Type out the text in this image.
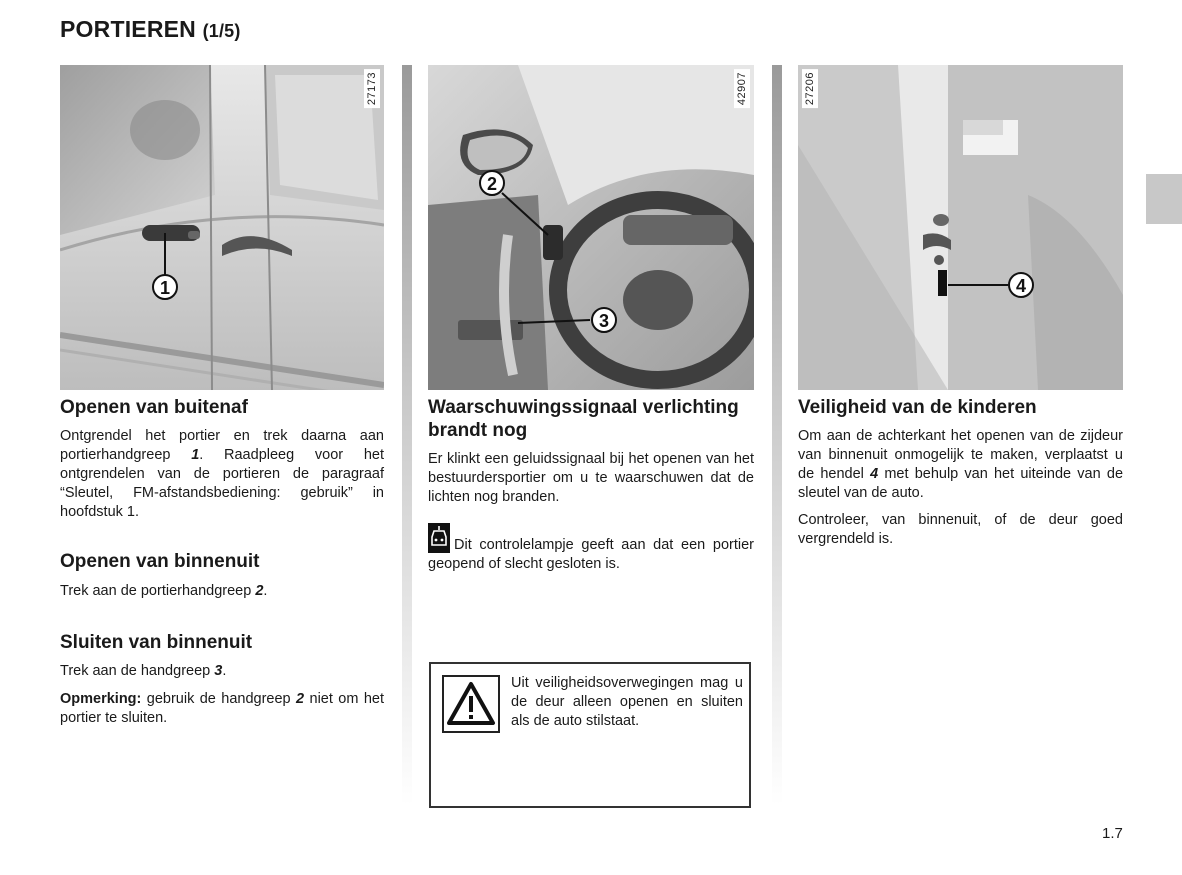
PORTIEREN (1/5)
1
27173
2
3
42907
4
27206
Openen van buitenaf

Ontgrendel het portier en trek daarna aan portierhandgreep 1. Raadpleeg voor het ontgrendelen van de portieren de paragraaf “Sleutel, FM-afstandsbediening: gebruik” in hoofdstuk 1.

Openen van binnenuit

Trek aan de portierhandgreep 2.

Sluiten van binnenuit

Trek aan de handgreep 3.

Opmerking: gebruik de handgreep 2 niet om het portier te sluiten.

Waarschuwingssignaal verlichting brandt nog

Er klinkt een geluidssignaal bij het openen van het bestuurdersportier om u te waarschuwen dat de lichten nog branden.

Dit controlelampje geeft aan dat een portier geopend of slecht gesloten is.

Uit veiligheidsoverwegingen mag u de deur alleen openen en sluiten als de auto stilstaat.

Veiligheid van de kinderen

Om aan de achterkant het openen van de zijdeur van binnenuit onmogelijk te maken, verplaatst u de hendel 4 met behulp van het uiteinde van de sleutel van de auto.

Controleer, van binnenuit, of de deur goed vergrendeld is.

1.7
